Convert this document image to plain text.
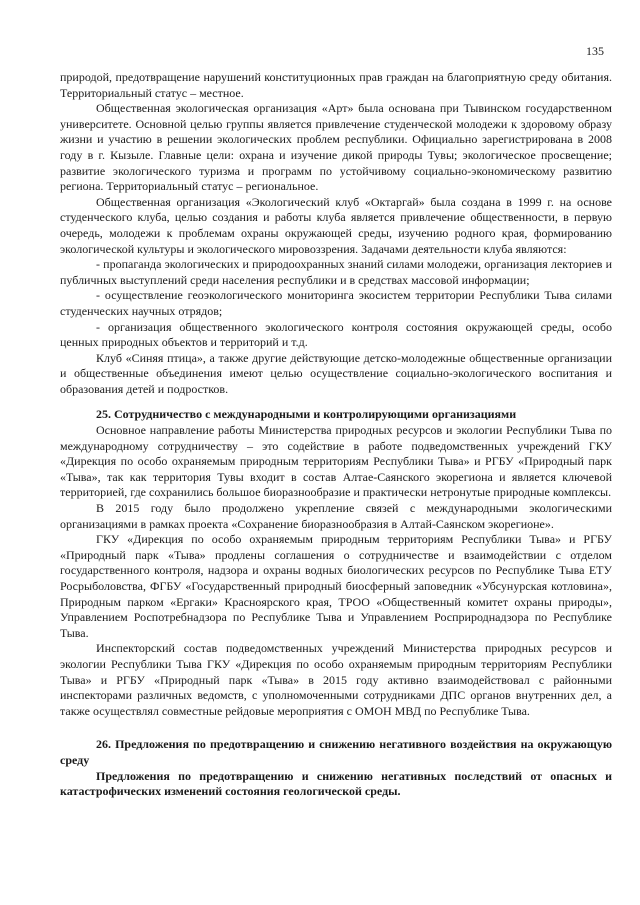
135

природой, предотвращение нарушений конституционных прав граждан на благоприятную среду обитания. Территориальный статус – местное.

Общественная экологическая организация «Арт» была основана при Тывинском государственном университете. Основной целью группы является привлечение студенческой молодежи к здоровому образу жизни и участию в решении экологических проблем республики. Официально зарегистрирована в 2008 году в г. Кызыле. Главные цели: охрана и изучение дикой природы Тувы; экологическое просвещение; развитие экологического туризма и программ по устойчивому социально-экономическому развитию региона. Территориальный статус – региональное.

Общественная организация «Экологический клуб «Октаргай» была создана в 1999 г. на основе студенческого клуба, целью создания и работы клуба является привлечение общественности, в первую очередь, молодежи к проблемам охраны окружающей среды, изучению родного края, формированию экологической культуры и экологического мировоззрения. Задачами деятельности клуба являются:

- пропаганда экологических и природоохранных знаний силами молодежи, организация лекториев и публичных выступлений среди населения республики и в средствах массовой информации;

- осуществление геоэкологического мониторинга экосистем территории Республики Тыва силами студенческих научных отрядов;

- организация общественного экологического контроля состояния окружающей среды, особо ценных природных объектов и территорий и т.д.

Клуб «Синяя птица», а также другие действующие детско-молодежные общественные организации и общественные объединения имеют целью осуществление социально-экологического воспитания и образования детей и подростков.

25. Сотрудничество с международными и контролирующими организациями

Основное направление работы Министерства природных ресурсов и экологии Республики Тыва по международному сотрудничеству – это содействие в работе подведомственных учреждений ГКУ «Дирекция по особо охраняемым природным территориям Республики Тыва» и РГБУ «Природный парк «Тыва», так как территория Тувы входит в состав Алтае-Саянского экорегиона и является ключевой территорией, где сохранились большое биоразнообразие и практически нетронутые природные комплексы.

В 2015 году было продолжено укрепление связей с международными экологическими организациями в рамках проекта «Сохранение биоразнообразия в Алтай-Саянском экорегионе».

ГКУ «Дирекция по особо охраняемым природным территориям Республики Тыва» и РГБУ «Природный парк «Тыва» продлены соглашения о сотрудничестве и взаимодействии с отделом государственного контроля, надзора и охраны водных биологических ресурсов по Республике Тыва ЕТУ Росрыболовства, ФГБУ «Государственный природный биосферный заповедник «Убсунурская котловина», Природным парком «Ергаки» Красноярского края, ТРОО «Общественный комитет охраны природы», Управлением Роспотребнадзора по Республике Тыва и Управлением Росприроднадзора по Республике Тыва.

Инспекторский состав подведомственных учреждений Министерства природных ресурсов и экологии Республики Тыва ГКУ «Дирекция по особо охраняемым природным территориям Республики Тыва» и РГБУ «Природный парк «Тыва» в 2015 году активно взаимодействовал с районными инспекторами различных ведомств, с уполномоченными сотрудниками ДПС органов внутренних дел, а также осуществлял совместные рейдовые мероприятия с ОМОН МВД по Республике Тыва.

26. Предложения по предотвращению и снижению негативного воздействия на окружающую среду

Предложения по предотвращению и снижению негативных последствий от опасных и катастрофических изменений состояния геологической среды.
